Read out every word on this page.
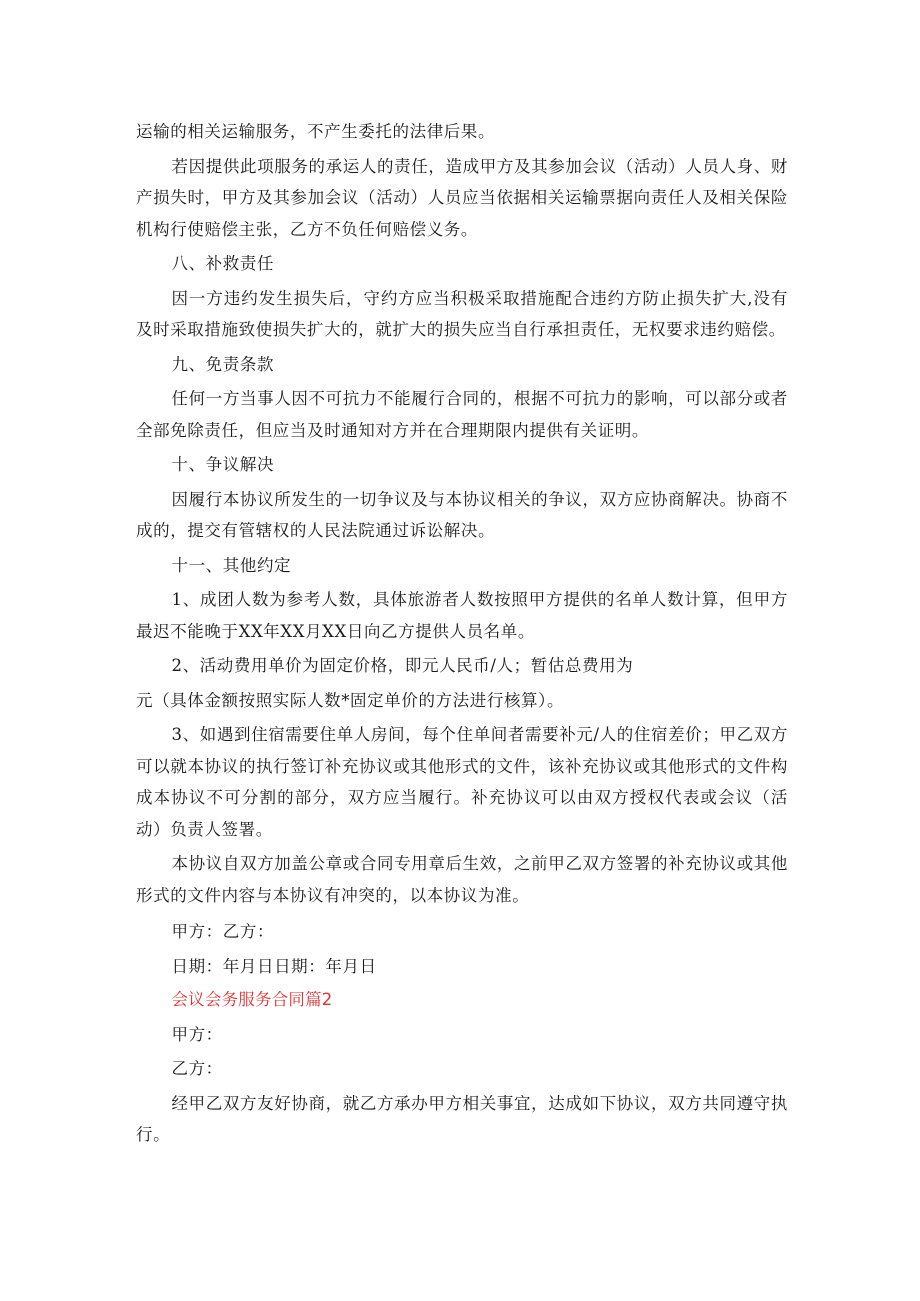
运输的相关运输服务，不产生委托的法律后果。

若因提供此项服务的承运人的责任，造成甲方及其参加会议（活动）人员人身、财产损失时，甲方及其参加会议（活动）人员应当依据相关运输票据向责任人及相关保险机构行使赔偿主张，乙方不负任何赔偿义务。

八、补救责任

因一方违约发生损失后，守约方应当积极采取措施配合违约方防止损失扩大,没有及时采取措施致使损失扩大的，就扩大的损失应当自行承担责任，无权要求违约赔偿。

九、免责条款

任何一方当事人因不可抗力不能履行合同的，根据不可抗力的影响，可以部分或者全部免除责任，但应当及时通知对方并在合理期限内提供有关证明。

十、争议解决

因履行本协议所发生的一切争议及与本协议相关的争议，双方应协商解决。协商不成的，提交有管辖权的人民法院通过诉讼解决。

十一、其他约定

1、成团人数为参考人数，具体旅游者人数按照甲方提供的名单人数计算，但甲方最迟不能晚于XX年XX月XX日向乙方提供人员名单。

2、活动费用单价为固定价格，即元人民币/人；暂估总费用为

元（具体金额按照实际人数*固定单价的方法进行核算）。

3、如遇到住宿需要住单人房间，每个住单间者需要补元/人的住宿差价；甲乙双方可以就本协议的执行签订补充协议或其他形式的文件，该补充协议或其他形式的文件构成本协议不可分割的部分，双方应当履行。补充协议可以由双方授权代表或会议（活动）负责人签署。

本协议自双方加盖公章或合同专用章后生效，之前甲乙双方签署的补充协议或其他形式的文件内容与本协议有冲突的，以本协议为准。

甲方：乙方：

日期：年月日日期：年月日

会议会务服务合同篇2

甲方：

乙方：

经甲乙双方友好协商，就乙方承办甲方相关事宜，达成如下协议，双方共同遵守执行。
